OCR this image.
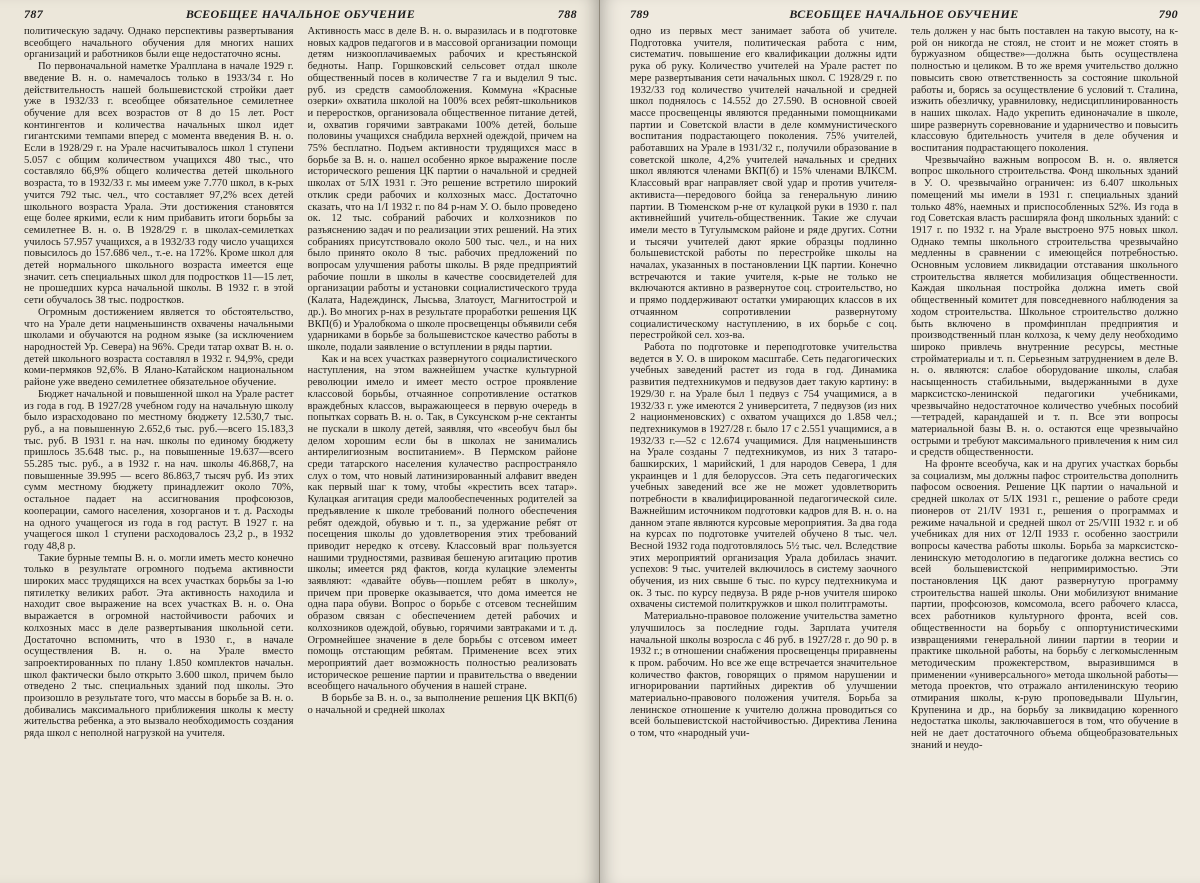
787	ВСЕОБЩЕЕ НАЧАЛЬНОЕ ОБУЧЕНИЕ	788

политическую задачу. Однако перспективы развертывания всеобщего начального обучения для многих наших организаций и работников были еще недостаточно ясны.

По первоначальной наметке Уралплана в начале 1929 г. введение В. н. о. намечалось только в 1933/34 г. Но действительность нашей большевистской стройки дает уже в 1932/33 г. всеобщее обязательное семилетнее обучение для всех возрастов от 8 до 15 лет. Рост контингентов и количества начальных школ идет гигантскими темпами вперед с момента введения В. н. о. Если в 1928/29 г. на Урале насчитывалось школ 1 ступени 5.057 с общим количеством учащихся 480 тыс., что составляло 66,9% общего количества детей школьного возраста, то в 1932/33 г. мы имеем уже 7.770 школ, в к-рых учится 792 тыс. чел., что составляет 97,2% всех детей школьного возраста Урала. Эти достижения становятся еще более яркими, если к ним прибавить итоги борьбы за семилетнее В. н. о. В 1928/29 г. в школах-семилетках училось 57.957 учащихся, а в 1932/33 году число учащихся повысилось до 157.686 чел., т.-е. на 172%. Кроме школ для детей нормального школьного возраста имеется еще значит. сеть специальных школ для подростков 11—15 лет, не прошедших курса начальной школы. В 1932 г. в этой сети обучалось 38 тыс. подростков.

Огромным достижением является то обстоятельство, что на Урале дети нацменьшинств охвачены начальными школами и обучаются на родном языке (за исключением народностей Ур. Севера) на 96%. Среди татар охват В. н. о. детей школьного возраста составлял в 1932 г. 94,9%, среди коми-пермяков 92,6%. В Ялано-Катайском национальном районе уже введено семилетнее обязательное обучение.

Бюджет начальной и повышенной школ на Урале растет из года в год. В 1927/28 учебном году на начальную школу было израсходовано по местному бюджету 12.530,7 тыс. руб., а на повышенную 2.652,6 тыс. руб.—всего 15.183,3 тыс. руб. В 1931 г. на нач. школы по единому бюджету пришлось 35.648 тыс. р., на повышенные 19.637—всего 55.285 тыс. руб., а в 1932 г. на нач. школы 46.868,7, на повышенные 39.995 — всего 86.863,7 тысяч руб. Из этих сумм местному бюджету принадлежит около 70%, остальное падает на ассигнования профсоюзов, кооперации, самого населения, хозорганов и т. д. Расходы на одного учащегося из года в год растут. В 1927 г. на учащегося школ 1 ступени расходовалось 23,2 р., в 1932 году 48,8 р.

Такие бурные темпы В. н. о. могли иметь место конечно только в результате огромного подъема активности широких масс трудящихся на всех участках борьбы за 1-ю пятилетку великих работ. Эта активность находила и находит свое выражение на всех участках В. н. о. Она выражается в огромной настойчивости рабочих и колхозных масс в деле развертывания школьной сети. Достаточно вспомнить, что в 1930 г., в начале осуществления В. н. о. на Урале вместо запроектированных по плану 1.850 комплектов начальн. школ фактически было открыто 3.600 школ, причем было отведено 2 тыс. специальных зданий под школы. Это произошло в результате того, что массы в борьбе за В. н. о. добивались максимального приближения школы к месту жительства ребенка, а это вызвало необходимость создания ряда школ с неполной нагрузкой на учителя.

Активность масс в деле В. н. о. выразилась и в подготовке новых кадров педагогов и в массовой организации помощи детям низкооплачиваемых рабочих и крестьянской бедноты. Напр. Горшковский сельсовет отдал школе общественный посев в количестве 7 га и выделил 9 тыс. руб. из средств самообложения. Коммуна «Красные озерки» охватила школой на 100% всех ребят-школьников и переростков, организовала общественное питание детей, и, охватив горячими завтраками 100% детей, больше половины учащихся снабдила верхней одеждой, причем на 75% бесплатно. Подъем активности трудящихся масс в борьбе за В. н. о. нашел особенно яркое выражение после исторического решения ЦК партии о начальной и средней школах от 5/IX 1931 г. Это решение встретило широкий отклик среди рабочих и колхозных масс. Достаточно сказать, что на 1/I 1932 г. по 84 р-нам У. О. было проведено ок. 12 тыс. собраний рабочих и колхозников по разъяснению задач и по реализации этих решений. На этих собраниях присутствовало около 500 тыс. чел., и на них было принято около 8 тыс. рабочих предложений по вопросам улучшения работы школы. В ряде предприятий рабочие пошли в школы в качестве соосвидетелей для организации работы и установки социалистического труда (Калата, Надеждинск, Лысьва, Златоуст, Магнитострой и др.). Во многих р-нах в результате проработки решения ЦК ВКП(б) и Уралобкома о школе просвещенцы объявили себя ударниками в борьбе за большевистское качество работы в школе, подали заявление о вступлении в ряды партии.

Как и на всех участках развернутого социалистического наступления, на этом важнейшем участке культурной революции имело и имеет место острое проявление классовой борьбы, отчаянное сопротивление остатков враждебных классов, выражающееся в первую очередь в попытках сорвать В. н. о. Так, в Суксунском р-не сектанты не пускали в школу детей, заявляя, что «всеобуч был бы делом хорошим если бы в школах не занимались антирелигиозным воспитанием». В Пермском районе среди татарского населения кулачество распространяло слух о том, что новый латинизированный алфавит введен как первый шаг к тому, чтобы «крестить всех татар». Кулацкая агитация среди малообеспеченных родителей за предъявление к школе требований полного обеспечения ребят одеждой, обувью и т. п., за удержание ребят от посещения школы до удовлетворения этих требований приводит нередко к отсеву. Классовый враг пользуется нашими трудностями, развивая бешеную агитацию против школы; имеется ряд фактов, когда кулацкие элементы заявляют: «давайте обувь—пошлем ребят в школу», причем при проверке оказывается, что дома имеется не одна пара обуви. Вопрос о борьбе с отсевом теснейшим образом связан с обеспечением детей рабочих и колхозников одеждой, обувью, горячими завтраками и т. д. Огромнейшее значение в деле борьбы с отсевом имеет помощь отстающим ребятам. Применение всех этих мероприятий дает возможность полностью реализовать историческое решение партии и правительства о введении всеобщего начального обучения в нашей стране.

В борьбе за В. н. о., за выполнение решения ЦК ВКП(б) о начальной и средней школах

789	ВСЕОБЩЕЕ НАЧАЛЬНОЕ ОБУЧЕНИЕ	790

одно из первых мест занимает забота об учителе. Подготовка учителя, политическая работа с ним, систематич. повышение его квалификации должны идти рука об руку. Количество учителей на Урале растет по мере развертывания сети начальных школ. С 1928/29 г. по 1932/33 год количество учителей начальной и средней школ поднялось с 14.552 до 27.590. В основной своей массе просвещенцы являются преданными помощниками партии и Советской власти в деле коммунистического воспитания подрастающего поколения. 75% учителей, работавших на Урале в 1931/32 г., получили образование в советской школе, 4,2% учителей начальных и средних школ являются членами ВКП(б) и 15% членами ВЛКСМ. Классовый враг направляет свой удар и против учителя-активиста—передового бойца за генеральную линию партии. В Тюменском р-не от кулацкой руки в 1930 г. пал активнейший учитель-общественник. Такие же случаи имели место в Тугулымском районе и ряде других. Сотни и тысячи учителей дают яркие образцы подлинно большевистской работы по перестройке школы на началах, указанных в постановлении ЦК партии. Конечно встречаются и такие учителя, к-рые не только не включаются активно в развернутое соц. строительство, но и прямо поддерживают остатки умирающих классов в их отчаянном сопротивлении развернутому социалистическому наступлению, в их борьбе с соц. перестройкой сел. хоз-ва.

Работа по подготовке и переподготовке учительства ведется в У. О. в широком масштабе. Сеть педагогических учебных заведений растет из года в год. Динамика развития педтехникумов и педвузов дает такую картину: в 1929/30 г. на Урале был 1 педвуз с 754 учащимися, а в 1932/33 г. уже имеются 2 университета, 7 педвузов (из них 2 национменовских) с охватом учащихся до 1.858 чел.; педтехникумов в 1927/28 г. было 17 с 2.551 учащимися, а в 1932/33 г.—52 с 12.674 учащимися. Для нацменьшинств на Урале созданы 7 педтехникумов, из них 3 татаро-башкирских, 1 марийский, 1 для народов Севера, 1 для украинцев и 1 для белоруссов. Эта сеть педагогических учебных заведений все же не может удовлетворить потребности в квалифицированной педагогической силе. Важнейшим источником подготовки кадров для В. н. о. на данном этапе являются курсовые мероприятия. За два года на курсах по подготовке учителей обучено 8 тыс. чел. Весной 1932 года подготовлялось 5½ тыс. чел. Вследствие этих мероприятий организация Урала добилась значит. успехов: 9 тыс. учителей включилось в систему заочного обучения, из них свыше 6 тыс. по курсу педтехникума и ок. 3 тыс. по курсу педвуза. В ряде р-нов учителя широко охвачены системой политкружков и школ политграмоты.

Материально-правовое положение учительства заметно улучшилось за последние годы. Зарплата учителя начальной школы возросла с 46 руб. в 1927/28 г. до 90 р. в 1932 г.; в отношении снабжения просвещенцы приравнены к пром. рабочим. Но все же еще встречается значительное количество фактов, говорящих о прямом нарушении и игнорировании партийных директив об улучшении материально-правового положения учителя. Борьба за ленинское отношение к учителю должна проводиться со всей большевистской настойчивостью. Директива Ленина о том, что «народный учи-

тель должен у нас быть поставлен на такую высоту, на к-рой он никогда не стоял, не стоит и не может стоять в буржуазном обществе»—должна быть осуществлена полностью и целиком. В то же время учительство должно повысить свою ответственность за состояние школьной работы и, борясь за осуществление 6 условий т. Сталина, изжить обезличку, уравниловку, недисциплинированность в наших школах. Надо укрепить единоначалие в школе, шире развернуть соревнование и ударничество и повысить классовую бдительность учителя в деле обучения и воспитания подрастающего поколения.

Чрезвычайно важным вопросом В. н. о. является вопрос школьного строительства. Фонд школьных зданий в У. О. чрезвычайно ограничен: из 6.407 школьных помещений мы имели в 1931 г. специальных зданий только 48%, наемных и приспособленных 52%. Из года в год Советская власть расширяла фонд школьных зданий: с 1917 г. по 1932 г. на Урале выстроено 975 новых школ. Однако темпы школьного строительства чрезвычайно медленны в сравнении с имеющейся потребностью. Основным условием ликвидации отставания школьного строительства является мобилизация общественности. Каждая школьная постройка должна иметь свой общественный комитет для повседневного наблюдения за ходом строительства. Школьное строительство должно быть включено в промфинплан предприятия и производственный план колхоза, к чему делу необходимо широко привлечь внутренние ресурсы, местные стройматериалы и т. п. Серьезным затруднением в деле В. н. о. являются: слабое оборудование школы, слабая насыщенность стабильными, выдержанными в духе марксистско-ленинской педагогики учебниками, чрезвычайно недостаточное количество учебных пособий—тетрадей, карандашей и т. п. Все эти вопросы материальной базы В. н. о. остаются еще чрезвычайно острыми и требуют максимального привлечения к ним сил и средств общественности.

На фронте всеобуча, как и на других участках борьбы за социализм, мы должны пафос строительства дополнить пафосом освоения. Решение ЦК партии о начальной и средней школах от 5/IX 1931 г., решение о работе среди пионеров от 21/IV 1931 г., решения о программах и режиме начальной и средней школ от 25/VIII 1932 г. и об учебниках для них от 12/II 1933 г. особенно заострили вопросы качества работы школы. Борьба за марксистско-ленинскую методологию в педагогике должна вестись со всей большевистской непримиримостью. Эти постановления ЦК дают развернутую программу строительства нашей школы. Они мобилизуют внимание партии, профсоюзов, комсомола, всего рабочего класса, всех работников культурного фронта, всей сов. общественности на борьбу с оппортунистическими извращениями генеральной линии партии в теории и практике школьной работы, на борьбу с легкомысленным методическим прожектерством, выразившимся в применении «универсального» метода школьной работы—метода проектов, что отражало антиленинскую теорию отмирания школы, к-рую проповедывали Шульгин, Крупенина и др., на борьбу за ликвидацию коренного недостатка школы, заключавшегося в том, что обучение в ней не дает достаточного объема общеобразовательных знаний и неудо-
